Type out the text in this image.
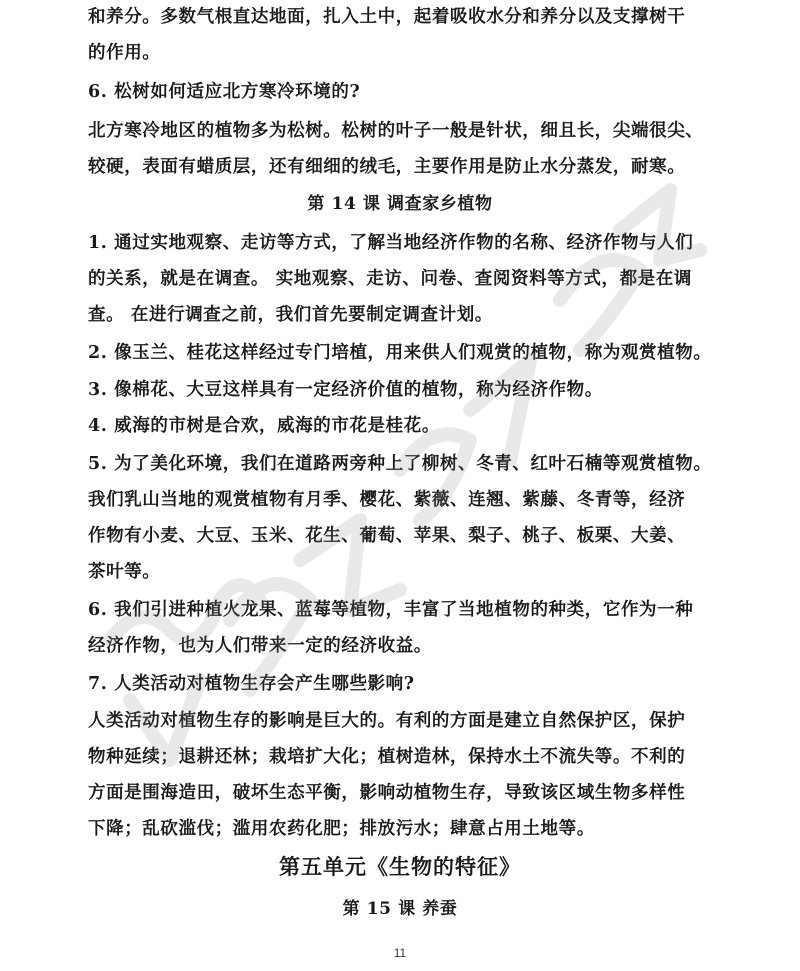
和养分。多数气根直达地面，扎入土中，起着吸收水分和养分以及支撑树干
的作用。
6. 松树如何适应北方寒冷环境的?
北方寒冷地区的植物多为松树。松树的叶子一般是针状，细且长，尖端很尖、
较硬，表面有蜡质层，还有细细的绒毛，主要作用是防止水分蒸发，耐寒。
第 14 课 调查家乡植物
1. 通过实地观察、走访等方式，了解当地经济作物的名称、经济作物与人们
的关系，就是在调查。 实地观察、走访、问卷、查阅资料等方式，都是在调
查。 在进行调查之前，我们首先要制定调查计划。
2. 像玉兰、桂花这样经过专门培植，用来供人们观赏的植物，称为观赏植物。
3. 像棉花、大豆这样具有一定经济价值的植物，称为经济作物。
4. 威海的市树是合欢，威海的市花是桂花。
5. 为了美化环境，我们在道路两旁种上了柳树、冬青、红叶石楠等观赏植物。
我们乳山当地的观赏植物有月季、樱花、紫薇、连翘、紫藤、冬青等，经济
作物有小麦、大豆、玉米、花生、葡萄、苹果、梨子、桃子、板栗、大姜、
茶叶等。
6. 我们引进种植火龙果、蓝莓等植物，丰富了当地植物的种类，它作为一种
经济作物，也为人们带来一定的经济收益。
7. 人类活动对植物生存会产生哪些影响?
人类活动对植物生存的影响是巨大的。有利的方面是建立自然保护区，保护
物种延续；退耕还林；栽培扩大化；植树造林，保持水土不流失等。不利的
方面是围海造田，破坏生态平衡，影响动植物生存，导致该区域生物多样性
下降；乱砍滥伐；滥用农药化肥；排放污水；肆意占用土地等。
第五单元《生物的特征》
第 15 课 养蚕
11
